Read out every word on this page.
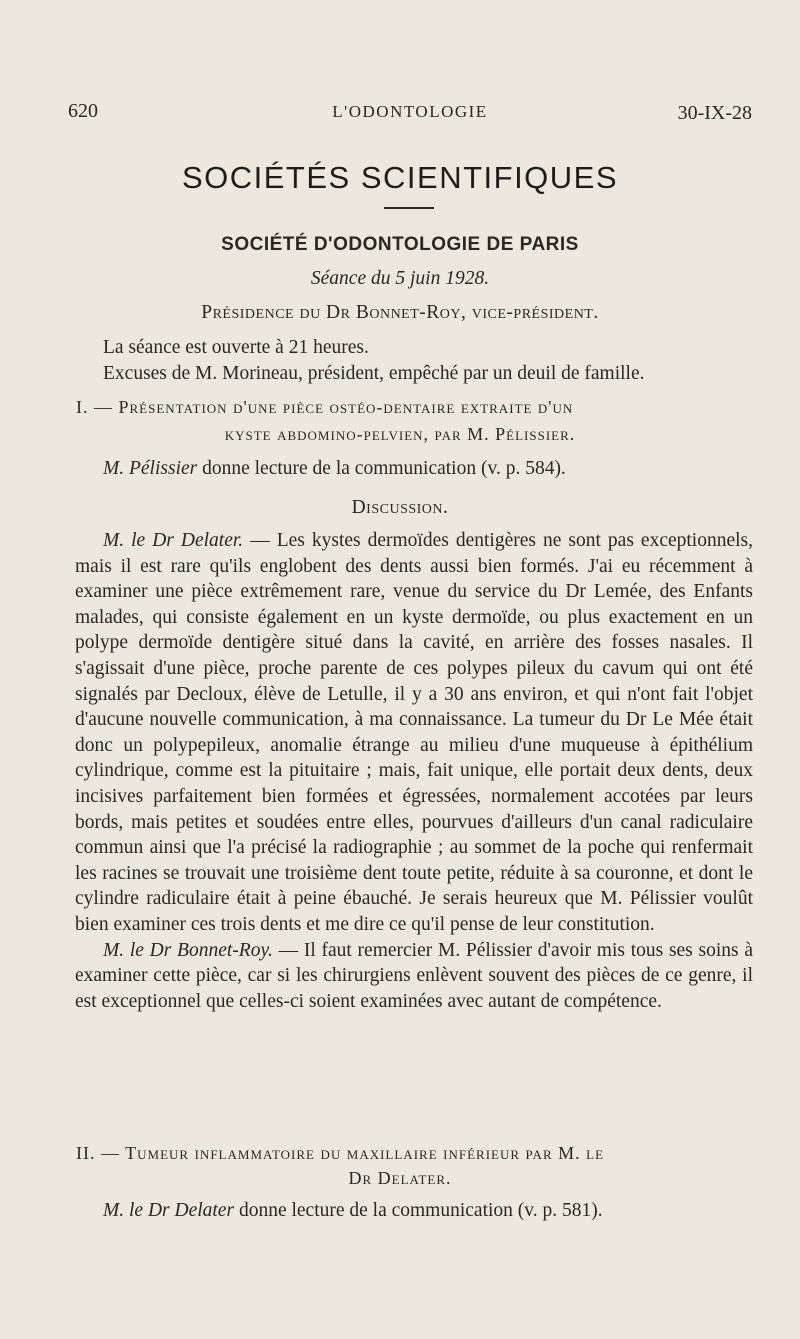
620	L'ODONTOLOGIE	30-IX-28
SOCIÉTÉS SCIENTIFIQUES
SOCIÉTÉ D'ODONTOLOGIE DE PARIS
Séance du 5 juin 1928.
Présidence du Dr Bonnet-Roy, vice-président.
La séance est ouverte à 21 heures.
Excuses de M. Morineau, président, empêché par un deuil de famille.
I. — Présentation d'une pièce ostéo-dentaire extraite d'un
kyste abdomino-pelvien, par M. Pélissier.
M. Pélissier donne lecture de la communication (v. p. 584).
Discussion.

M. le Dr Delater. — Les kystes dermoïdes dentigères ne sont pas exceptionnels, mais il est rare qu'ils englobent des dents aussi bien formés. J'ai eu récemment à examiner une pièce extrêmement rare, venue du service du Dr Lemée, des Enfants malades, qui consiste également en un kyste dermoïde, ou plus exactement en un polype dermoïde dentigère situé dans la cavité, en arrière des fosses nasales. Il s'agissait d'une pièce, proche parente de ces polypes pileux du cavum qui ont été signalés par Decloux, élève de Letulle, il y a 30 ans environ, et qui n'ont fait l'objet d'aucune nouvelle communication, à ma connaissance. La tumeur du Dr Le Mée était donc un polypepileux, anomalie étrange au milieu d'une muqueuse à épithélium cylindrique, comme est la pituitaire ; mais, fait unique, elle portait deux dents, deux incisives parfaitement bien formées et égressées, normalement accotées par leurs bords, mais petites et soudées entre elles, pourvues d'ailleurs d'un canal radiculaire commun ainsi que l'a précisé la radiographie ; au sommet de la poche qui renfermait les racines se trouvait une troisième dent toute petite, réduite à sa couronne, et dont le cylindre radiculaire était à peine ébauché. Je serais heureux que M. Pélissier voulût bien examiner ces trois dents et me dire ce qu'il pense de leur constitution.

M. le Dr Bonnet-Roy. — Il faut remercier M. Pélissier d'avoir mis tous ses soins à examiner cette pièce, car si les chirurgiens enlèvent souvent des pièces de ce genre, il est exceptionnel que celles-ci soient examinées avec autant de compétence.

II. — Tumeur inflammatoire du maxillaire inférieur par M. le
Dr Delater.
M. le Dr Delater donne lecture de la communication (v. p. 581).
